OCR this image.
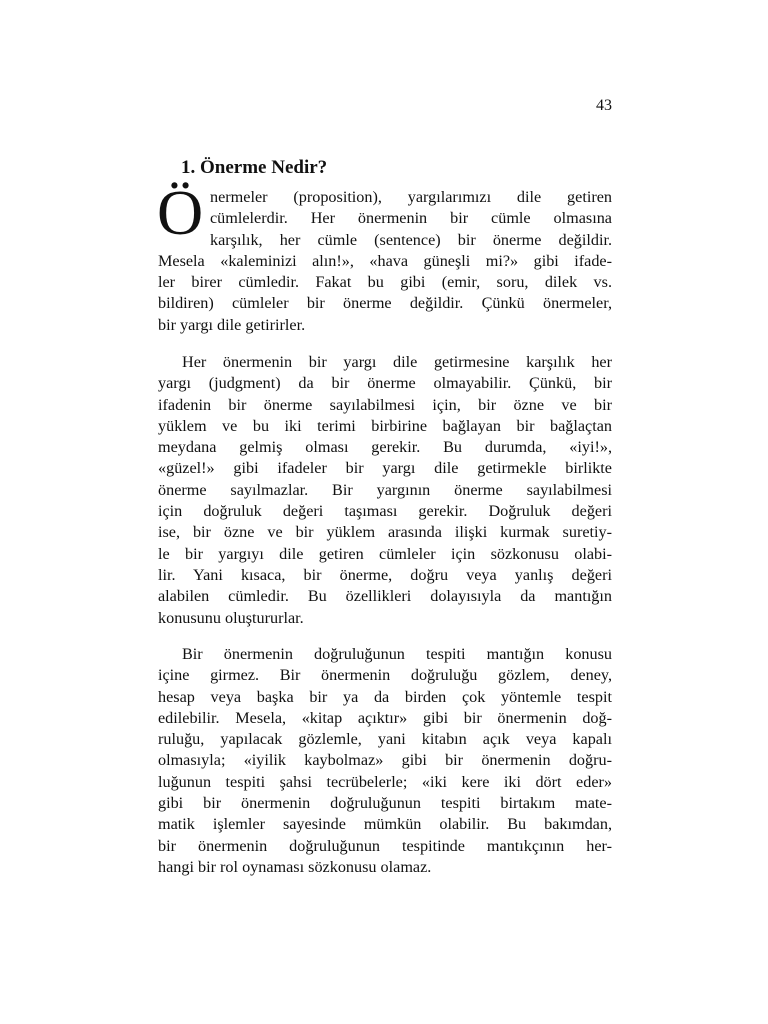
43
1. Önerme Nedir?
Ö nermeler (proposition), yargılarımızı dile getiren
cümlelerdir. Her önermenin bir cümle olmasına
karşılık, her cümle (sentence) bir önerme değildir.
Mesela «kaleminizi alın!», «hava güneşli mi?» gibi ifade-
ler birer cümledir. Fakat bu gibi (emir, soru, dilek vs.
bildiren) cümleler bir önerme değildir. Çünkü önermeler,
bir yargı dile getirirler.
Her önermenin bir yargı dile getirmesine karşılık her
yargı (judgment) da bir önerme olmayabilir. Çünkü, bir
ifadenin bir önerme sayılabilmesi için, bir özne ve bir
yüklem ve bu iki terimi birbirine bağlayan bir bağlaçtan
meydana gelmiş olması gerekir. Bu durumda, «iyi!»,
«güzel!» gibi ifadeler bir yargı dile getirmekle birlikte
önerme sayılmazlar. Bir yargının önerme sayılabilmesi
için doğruluk değeri taşıması gerekir. Doğruluk değeri
ise, bir özne ve bir yüklem arasında ilişki kurmak suretiy-
le bir yargıyı dile getiren cümleler için sözkonusu olabi-
lir. Yani kısaca, bir önerme, doğru veya yanlış değeri
alabilen cümledir. Bu özellikleri dolayısıyla da mantığın
konusunu oluştururlar.
Bir önermenin doğruluğunun tespiti mantığın konusu
içine girmez. Bir önermenin doğruluğu gözlem, deney,
hesap veya başka bir ya da birden çok yöntemle tespit
edilebilir. Mesela, «kitap açıktır» gibi bir önermenin doğ-
ruluğu, yapılacak gözlemle, yani kitabın açık veya kapalı
olmasıyla; «iyilik kaybolmaz» gibi bir önermenin doğru-
luğunun tespiti şahsi tecrübelerle; «iki kere iki dört eder»
gibi bir önermenin doğruluğunun tespiti birtakım mate-
matik işlemler sayesinde mümkün olabilir. Bu bakımdan,
bir önermenin doğruluğunun tespitinde mantıkçının her-
hangi bir rol oynaması sözkonusu olamaz.
